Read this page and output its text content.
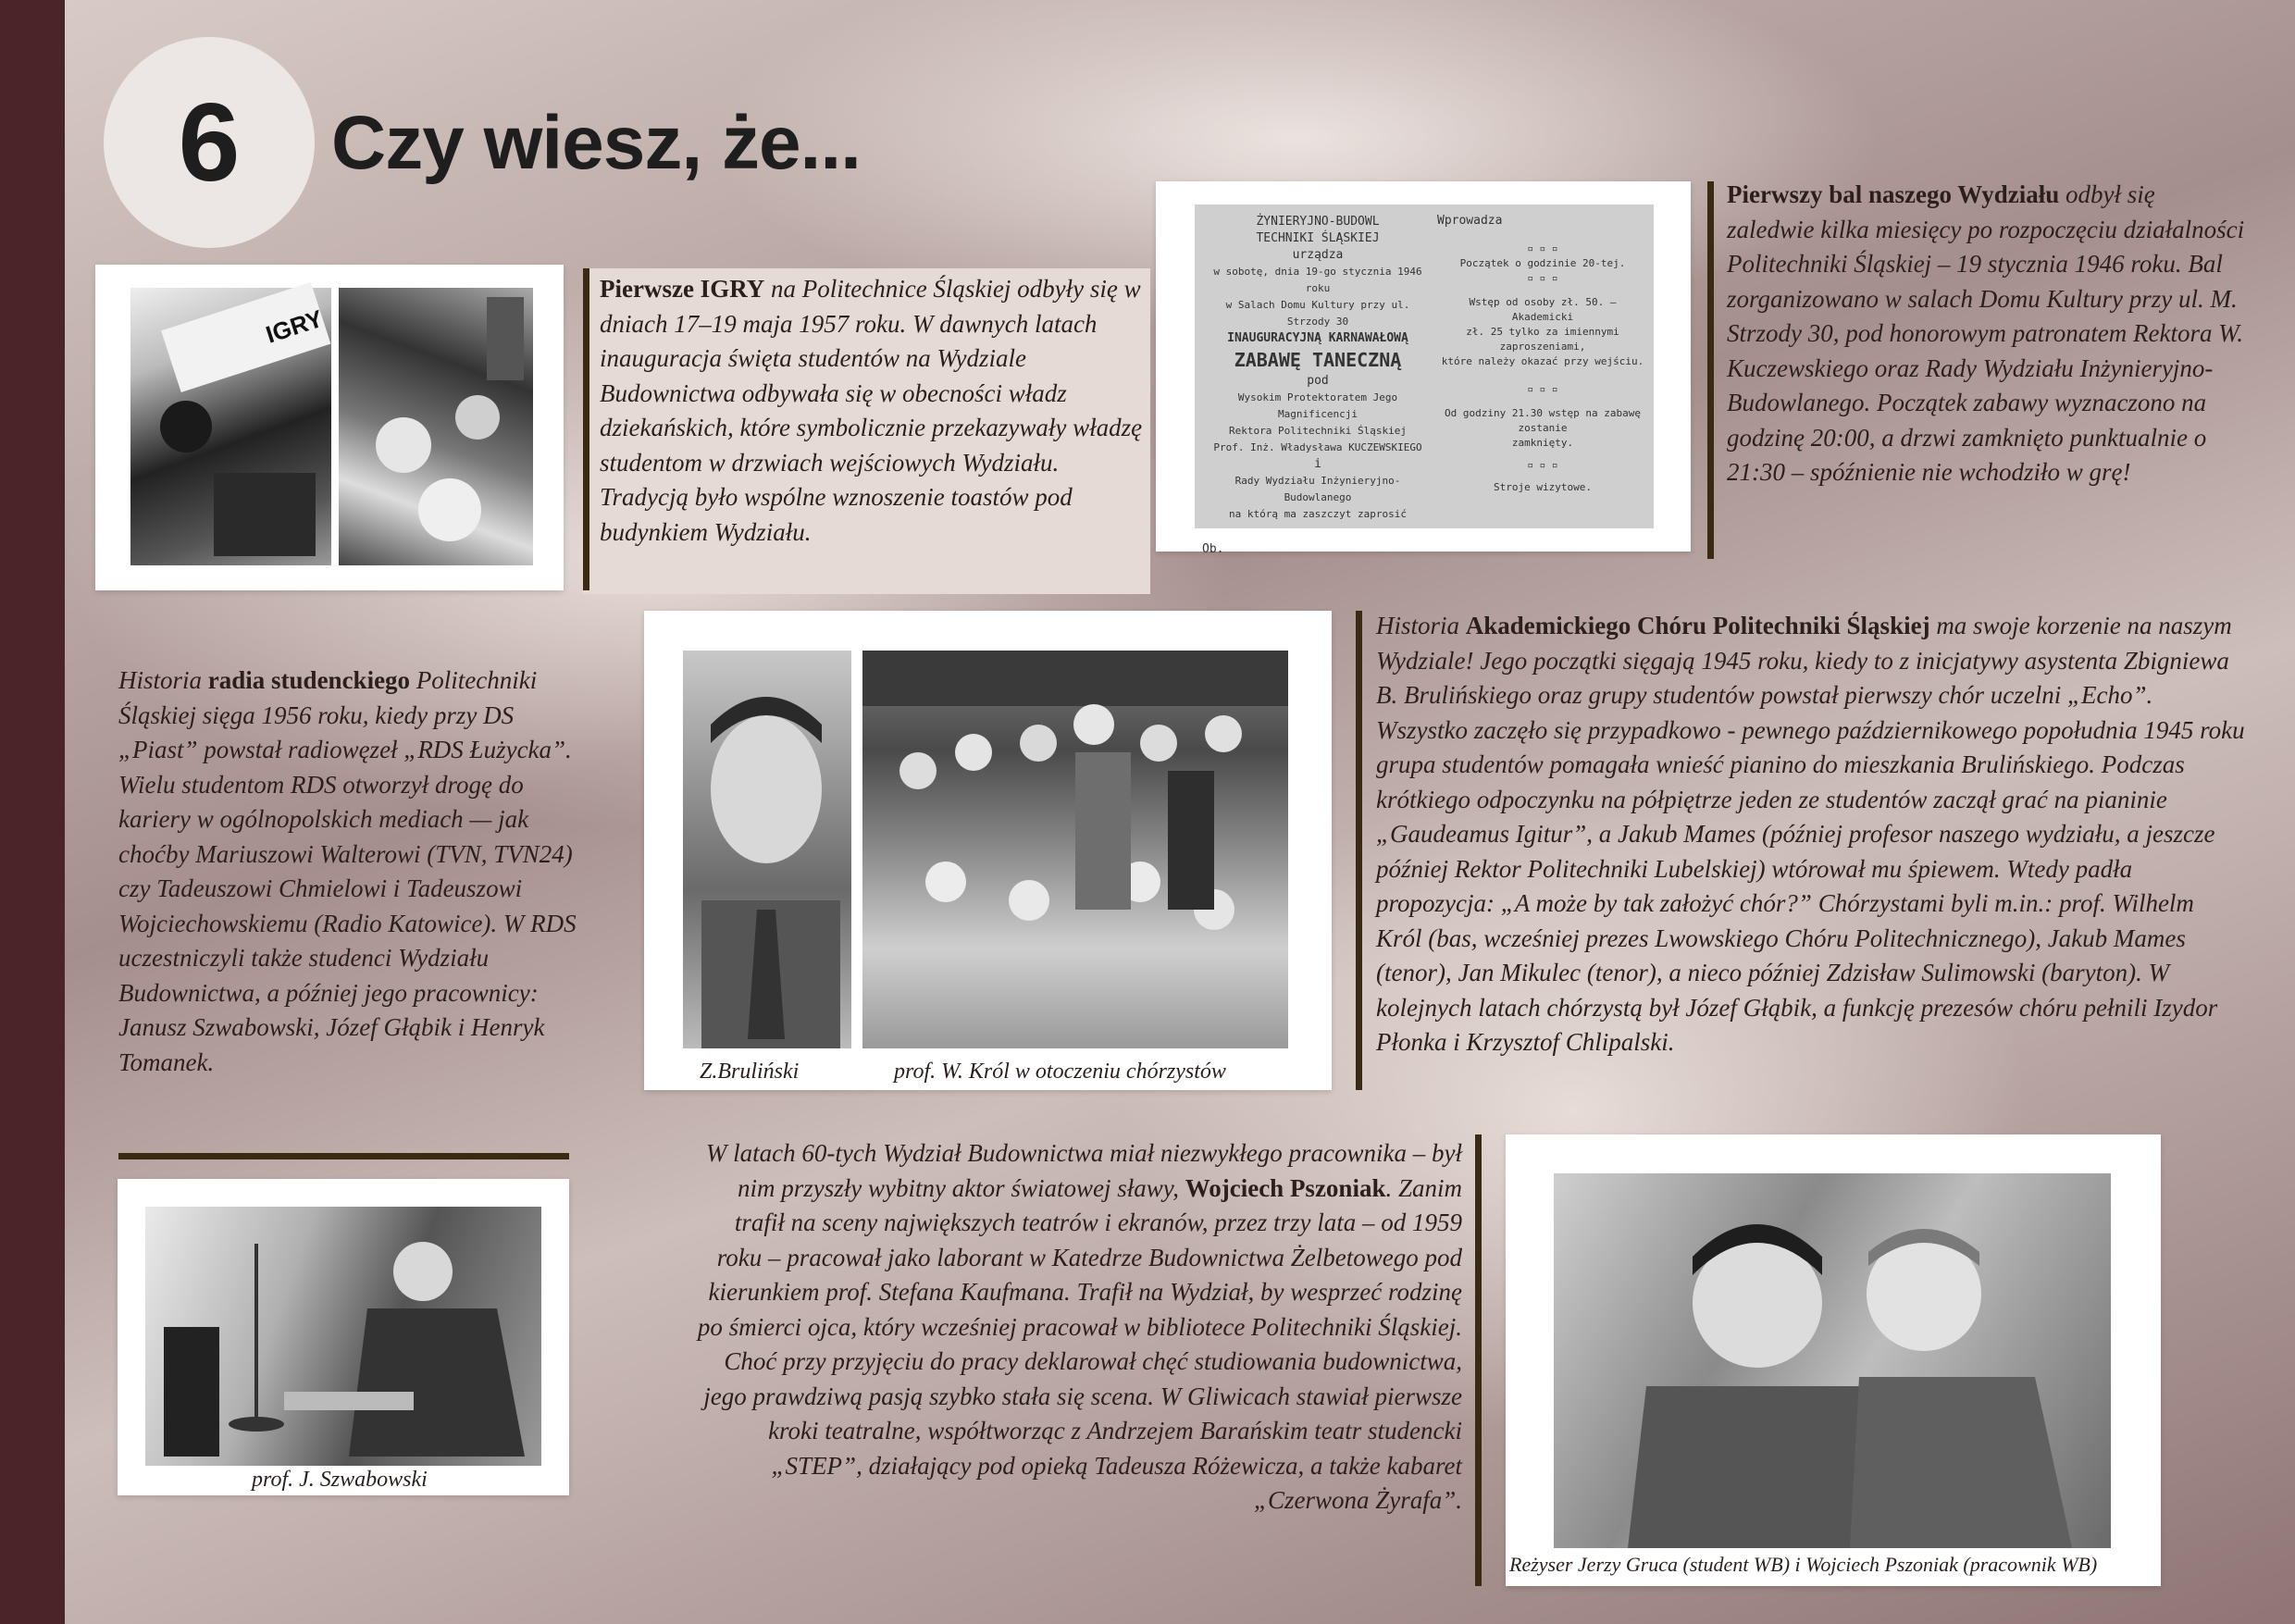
6 Czy wiesz, że...
IGRY
Pierwsze IGRY na Politechnice Śląskiej odbyły się w dniach 17–19 maja 1957 roku. W dawnych latach inauguracja święta studentów na Wydziale Budownictwa odbywała się w obecności władz dziekańskich, które symbolicznie przekazywały władzę studentom w drzwiach wejściowych Wydziału. Tradycją było wspólne wznoszenie toastów pod budynkiem Wydziału.
ŻYNIERYJNO-BUDOWL
TECHNIKI ŚLĄSKIEJ
urządza
w sobotę, dnia 19-go stycznia 1946 roku
w Salach Domu Kultury przy ul. Strzody 30
INAUGURACYJNĄ KARNAWAŁOWĄ
ZABAWĘ TANECZNĄ
pod
Wysokim Protektoratem Jego Magnificencji
Rektora Politechniki Śląskiej
Prof. Inż. Władysława KUCZEWSKIEGO
i
Rady Wydziału Inżynieryjno-Budowlanego
na którą ma zaszczyt zaprosić
Ob.
Wprowadza
▫ ▫ ▫
Początek o godzinie 20-tej.
▫ ▫ ▫
Wstęp od osoby zł. 50. — Akademicki
zł. 25 tylko za imiennymi zaproszeniami,
które należy okazać przy wejściu.
▫ ▫ ▫
Od godziny 21.30 wstęp na zabawę zostanie
zamknięty.
▫ ▫ ▫
Stroje wizytowe.
Pierwszy bal naszego Wydziału odbył się zaledwie kilka miesięcy po rozpoczęciu działalności Politechniki Śląskiej – 19 stycznia 1946 roku. Bal zorganizowano w salach Domu Kultury przy ul. M. Strzody 30, pod honorowym patronatem Rektora W. Kuczewskiego oraz Rady Wydziału Inżynieryjno-Budowlanego. Początek zabawy wyznaczono na godzinę 20:00, a drzwi zamknięto punktualnie o 21:30 – spóźnienie nie wchodziło w grę!
Historia radia studenckiego Politechniki Śląskiej sięga 1956 roku, kiedy przy DS „Piast” powstał radiowęzeł „RDS Łużycka”. Wielu studentom RDS otworzył drogę do kariery w ogólnopolskich mediach — jak choćby Mariuszowi Walterowi (TVN, TVN24) czy Tadeuszowi Chmielowi i Tadeuszowi Wojciechowskiemu (Radio Katowice). W RDS uczestniczyli także studenci Wydziału Budownictwa, a później jego pracownicy: Janusz Szwabowski, Józef Głąbik i Henryk Tomanek.	Z.Bruliński	prof. W. Król w otoczeniu chórzystów
Historia Akademickiego Chóru Politechniki Śląskiej ma swoje korzenie na naszym Wydziale! Jego początki sięgają 1945 roku, kiedy to z inicjatywy asystenta Zbigniewa B. Brulińskiego oraz grupy studentów powstał pierwszy chór uczelni „Echo”. Wszystko zaczęło się przypadkowo - pewnego październikowego popołudnia 1945 roku grupa studentów pomagała wnieść pianino do mieszkania Brulińskiego. Podczas krótkiego odpoczynku na półpiętrze jeden ze studentów zaczął grać na pianinie „Gaudeamus Igitur”, a Jakub Mames (później profesor naszego wydziału, a jeszcze później Rektor Politechniki Lubelskiej) wtórował mu śpiewem. Wtedy padła propozycja: „A może by tak założyć chór?” Chórzystami byli m.in.: prof. Wilhelm Król (bas, wcześniej prezes Lwowskiego Chóru Politechnicznego), Jakub Mames (tenor), Jan Mikulec (tenor), a nieco później Zdzisław Sulimowski (baryton). W kolejnych latach chórzystą był Józef Głąbik, a funkcję prezesów chóru pełnili Izydor Płonka i Krzysztof Chlipalski.
prof. J. Szwabowski
W latach 60-tych Wydział Budownictwa miał niezwykłego pracownika – był nim przyszły wybitny aktor światowej sławy, Wojciech Pszoniak. Zanim trafił na sceny największych teatrów i ekranów, przez trzy lata – od 1959 roku – pracował jako laborant w Katedrze Budownictwa Żelbetowego pod kierunkiem prof. Stefana Kaufmana. Trafił na Wydział, by wesprzeć rodzinę po śmierci ojca, który wcześniej pracował w bibliotece Politechniki Śląskiej. Choć przy przyjęciu do pracy deklarował chęć studiowania budownictwa, jego prawdziwą pasją szybko stała się scena. W Gliwicach stawiał pierwsze kroki teatralne, współtworząc z Andrzejem Barańskim teatr studencki „STEP”, działający pod opieką Tadeusza Różewicza, a także kabaret „Czerwona Żyrafa”.
Reżyser Jerzy Gruca (student WB) i Wojciech Pszoniak (pracownik WB)
